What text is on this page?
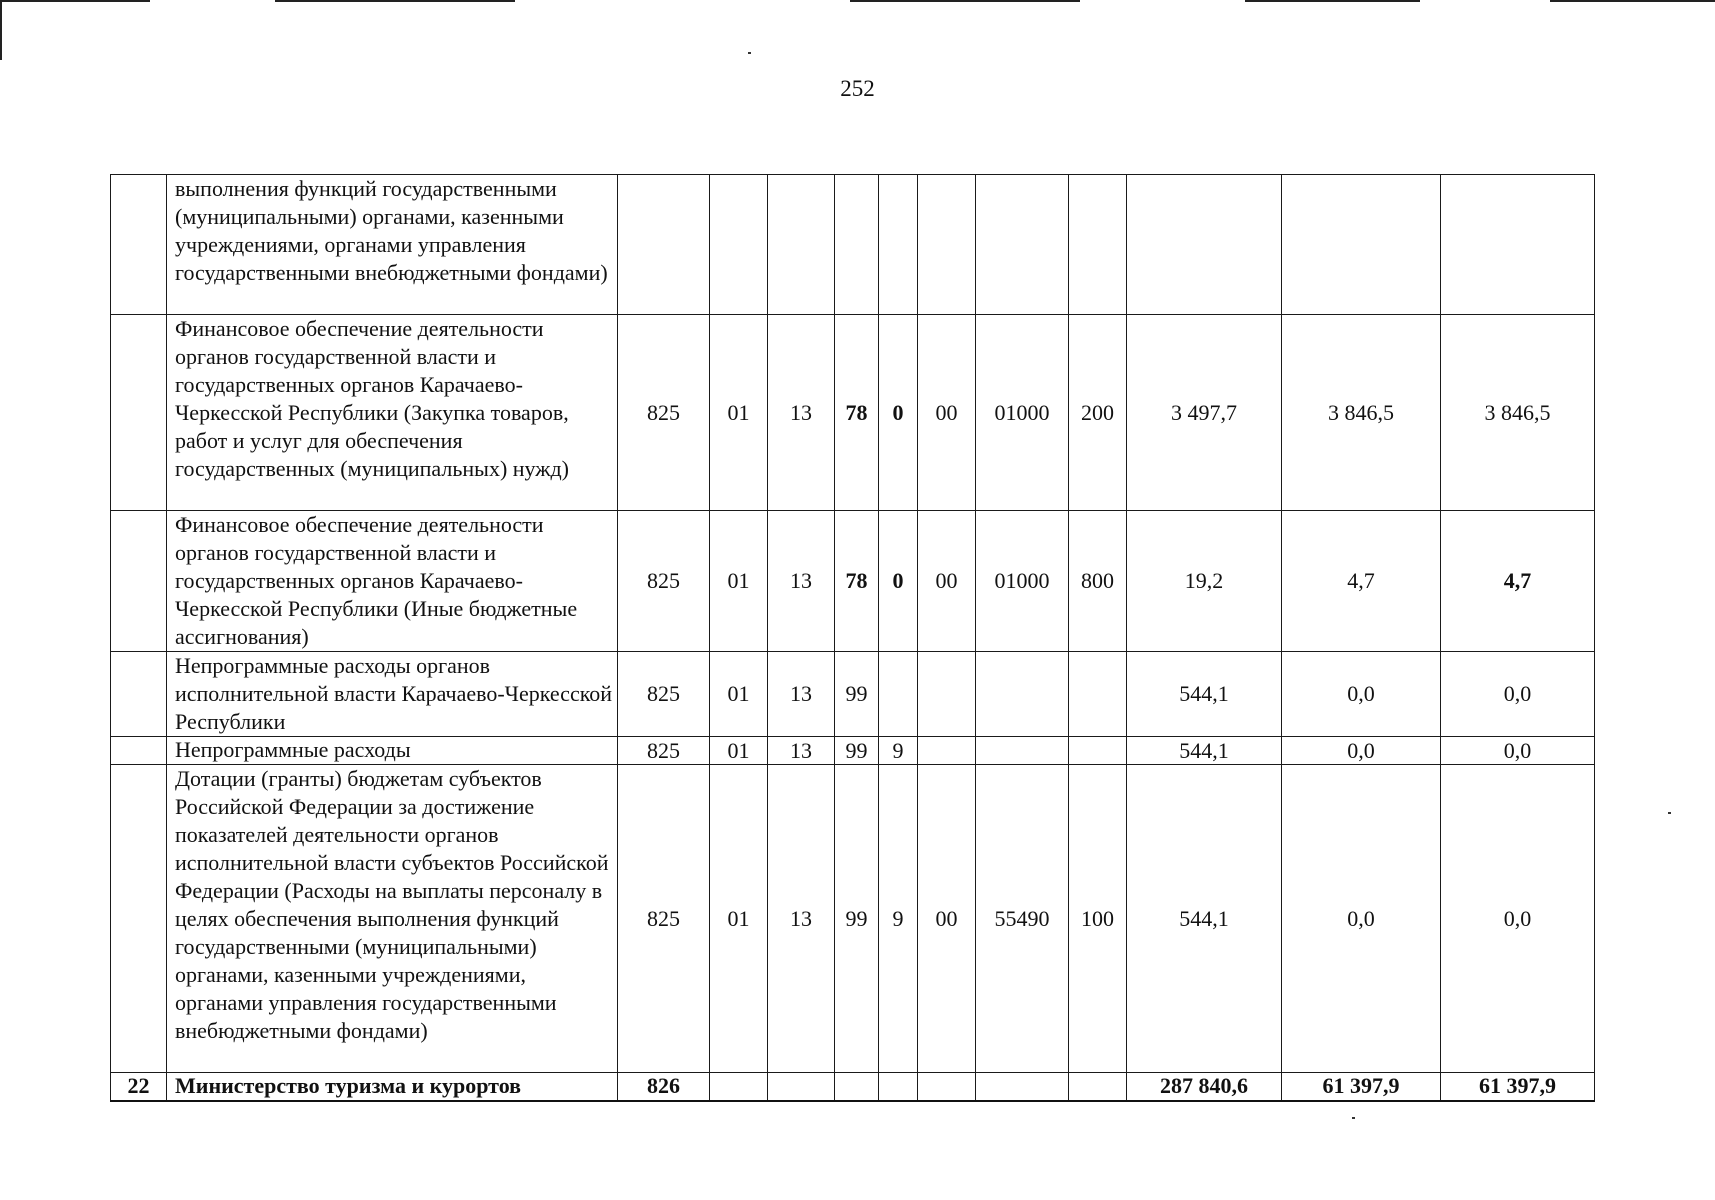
252
	выполнения функций государственными (муниципальными) органами, казенными учреждениями, органами управления государственными внебюджетными фондами)											
	Финансовое обеспечение деятельности органов государственной власти и государственных органов Карачаево-Черкесской Республики (Закупка товаров, работ и услуг для обеспечения государственных (муниципальных) нужд)	825	01	13	78	0	00	01000	200	3 497,7	3 846,5	3 846,5
	Финансовое обеспечение деятельности органов государственной власти и государственных органов Карачаево-Черкесской Республики (Иные бюджетные ассигнования)	825	01	13	78	0	00	01000	800	19,2	4,7	4,7
	Непрограммные расходы органов исполнительной власти Карачаево-Черкесской Республики	825	01	13	99					544,1	0,0	0,0
	Непрограммные расходы	825	01	13	99	9				544,1	0,0	0,0
	Дотации (гранты) бюджетам субъектов Российской Федерации за достижение показателей деятельности органов исполнительной власти субъектов Российской Федерации (Расходы на выплаты персоналу в целях обеспечения выполнения функций государственными (муниципальными) органами, казенными учреждениями, органами управления государственными внебюджетными фондами)	825	01	13	99	9	00	55490	100	544,1	0,0	0,0
22	Министерство туризма и курортов	826								287 840,6	61 397,9	61 397,9
